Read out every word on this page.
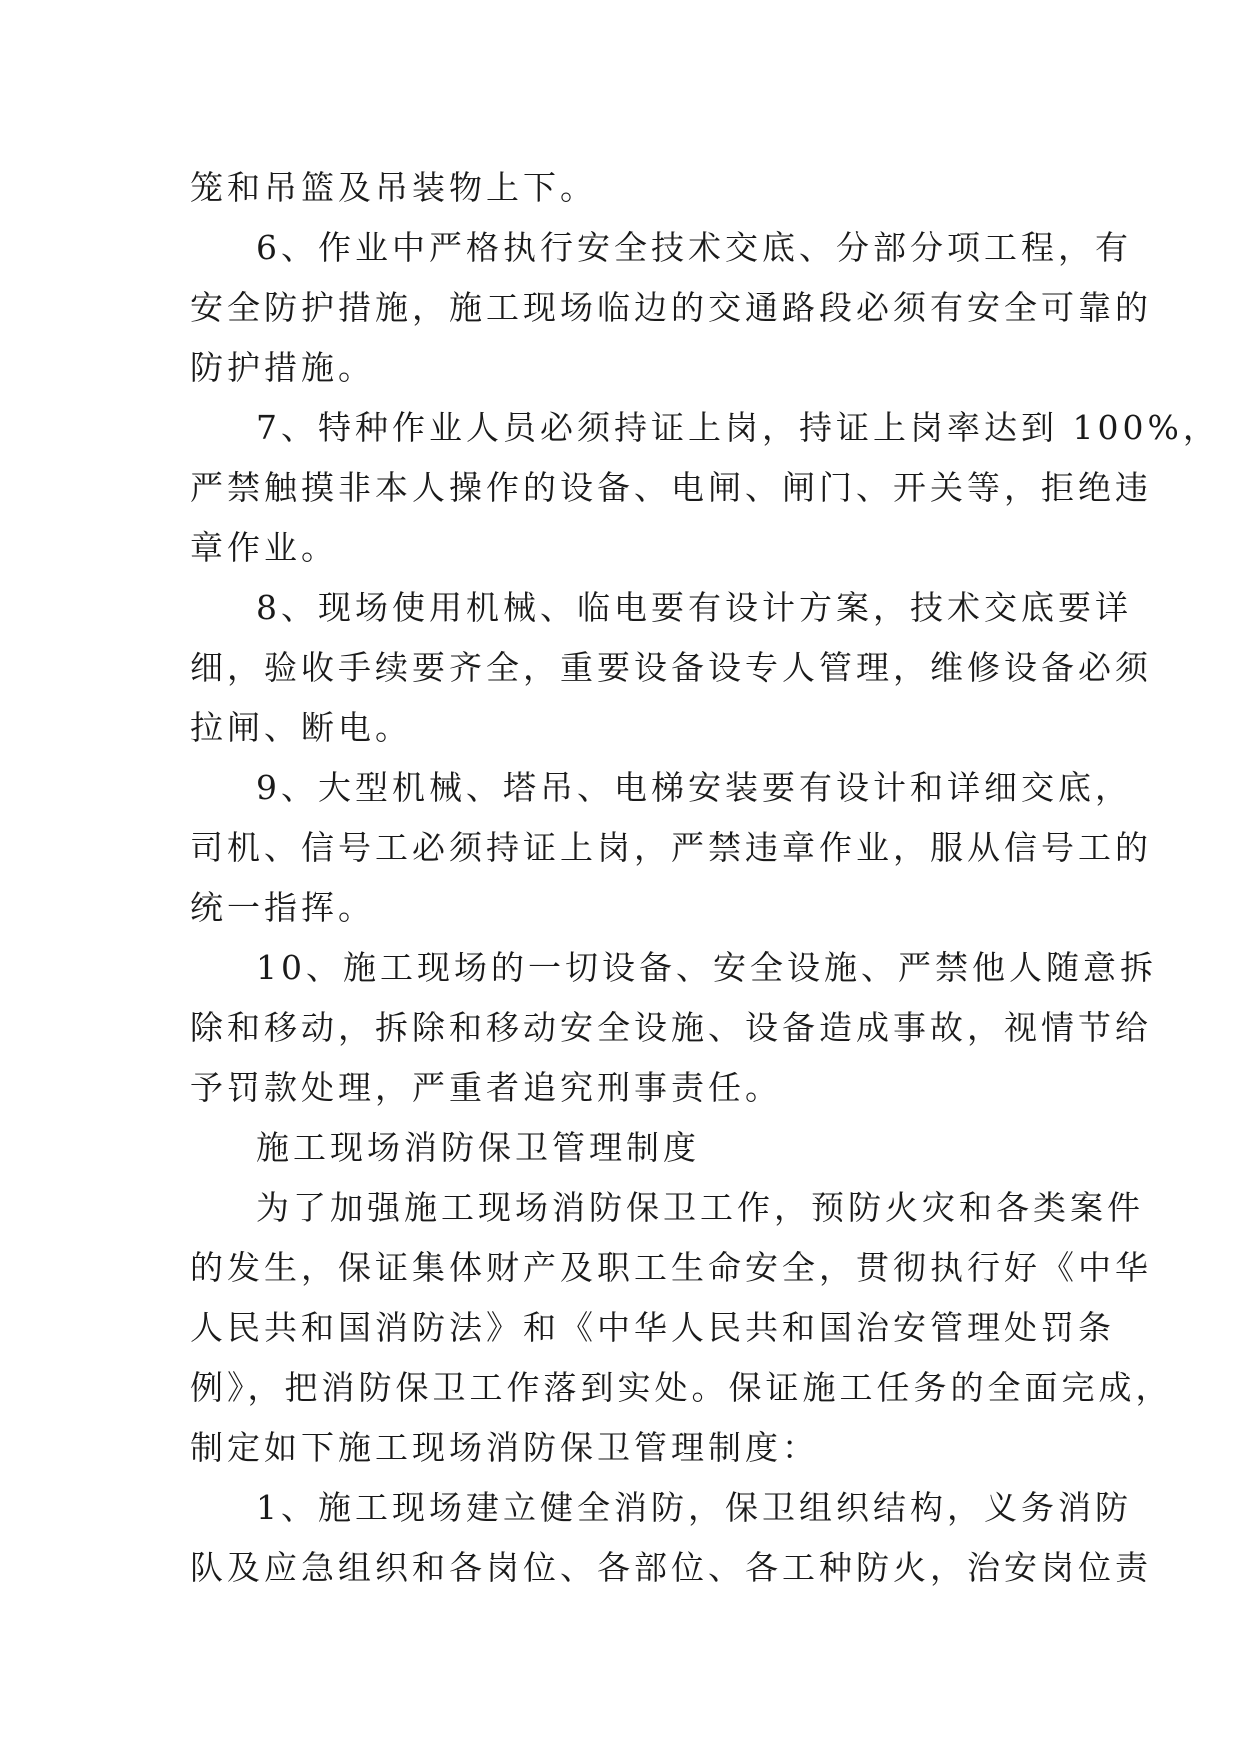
笼和吊篮及吊装物上下。
6、作业中严格执行安全技术交底、分部分项工程，有
安全防护措施，施工现场临边的交通路段必须有安全可靠的
防护措施。
7、特种作业人员必须持证上岗，持证上岗率达到 100%，
严禁触摸非本人操作的设备、电闸、闸门、开关等，拒绝违
章作业。
8、现场使用机械、临电要有设计方案，技术交底要详
细，验收手续要齐全，重要设备设专人管理，维修设备必须
拉闸、断电。
9、大型机械、塔吊、电梯安装要有设计和详细交底，
司机、信号工必须持证上岗，严禁违章作业，服从信号工的
统一指挥。
10、施工现场的一切设备、安全设施、严禁他人随意拆
除和移动，拆除和移动安全设施、设备造成事故，视情节给
予罚款处理，严重者追究刑事责任。
施工现场消防保卫管理制度
为了加强施工现场消防保卫工作，预防火灾和各类案件
的发生，保证集体财产及职工生命安全，贯彻执行好《中华
人民共和国消防法》和《中华人民共和国治安管理处罚条
例》，把消防保卫工作落到实处。保证施工任务的全面完成，
制定如下施工现场消防保卫管理制度：
1、施工现场建立健全消防，保卫组织结构，义务消防
队及应急组织和各岗位、各部位、各工种防火，治安岗位责
